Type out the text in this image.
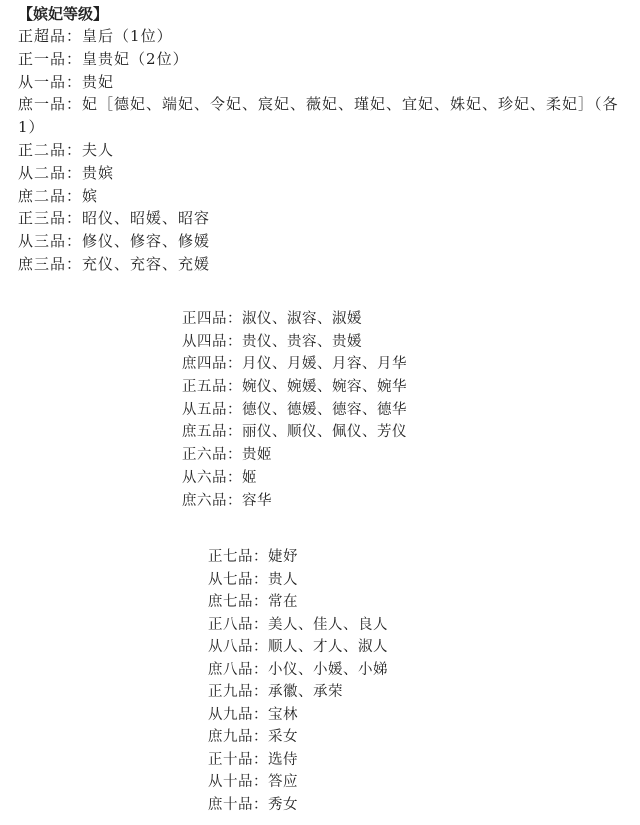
【嫔妃等级】
正超品：皇后（1位）
正一品：皇贵妃（2位）
从一品：贵妃
庶一品：妃［德妃、端妃、令妃、宸妃、薇妃、瑾妃、宜妃、姝妃、珍妃、柔妃］（各1）
正二品：夫人
从二品：贵嫔
庶二品：嫔
正三品：昭仪、昭媛、昭容
从三品：修仪、修容、修媛
庶三品：充仪、充容、充媛
正四品：淑仪、淑容、淑媛
从四品：贵仪、贵容、贵媛
庶四品：月仪、月媛、月容、月华
正五品：婉仪、婉媛、婉容、婉华
从五品：德仪、德媛、德容、德华
庶五品：丽仪、顺仪、佩仪、芳仪
正六品：贵姬
从六品：姬
庶六品：容华
正七品：婕妤
从七品：贵人
庶七品：常在
正八品：美人、佳人、良人
从八品：顺人、才人、淑人
庶八品：小仪、小媛、小娣
正九品：承徽、承荣
从九品：宝林
庶九品：采女
正十品：选侍
从十品：答应
庶十品：秀女
